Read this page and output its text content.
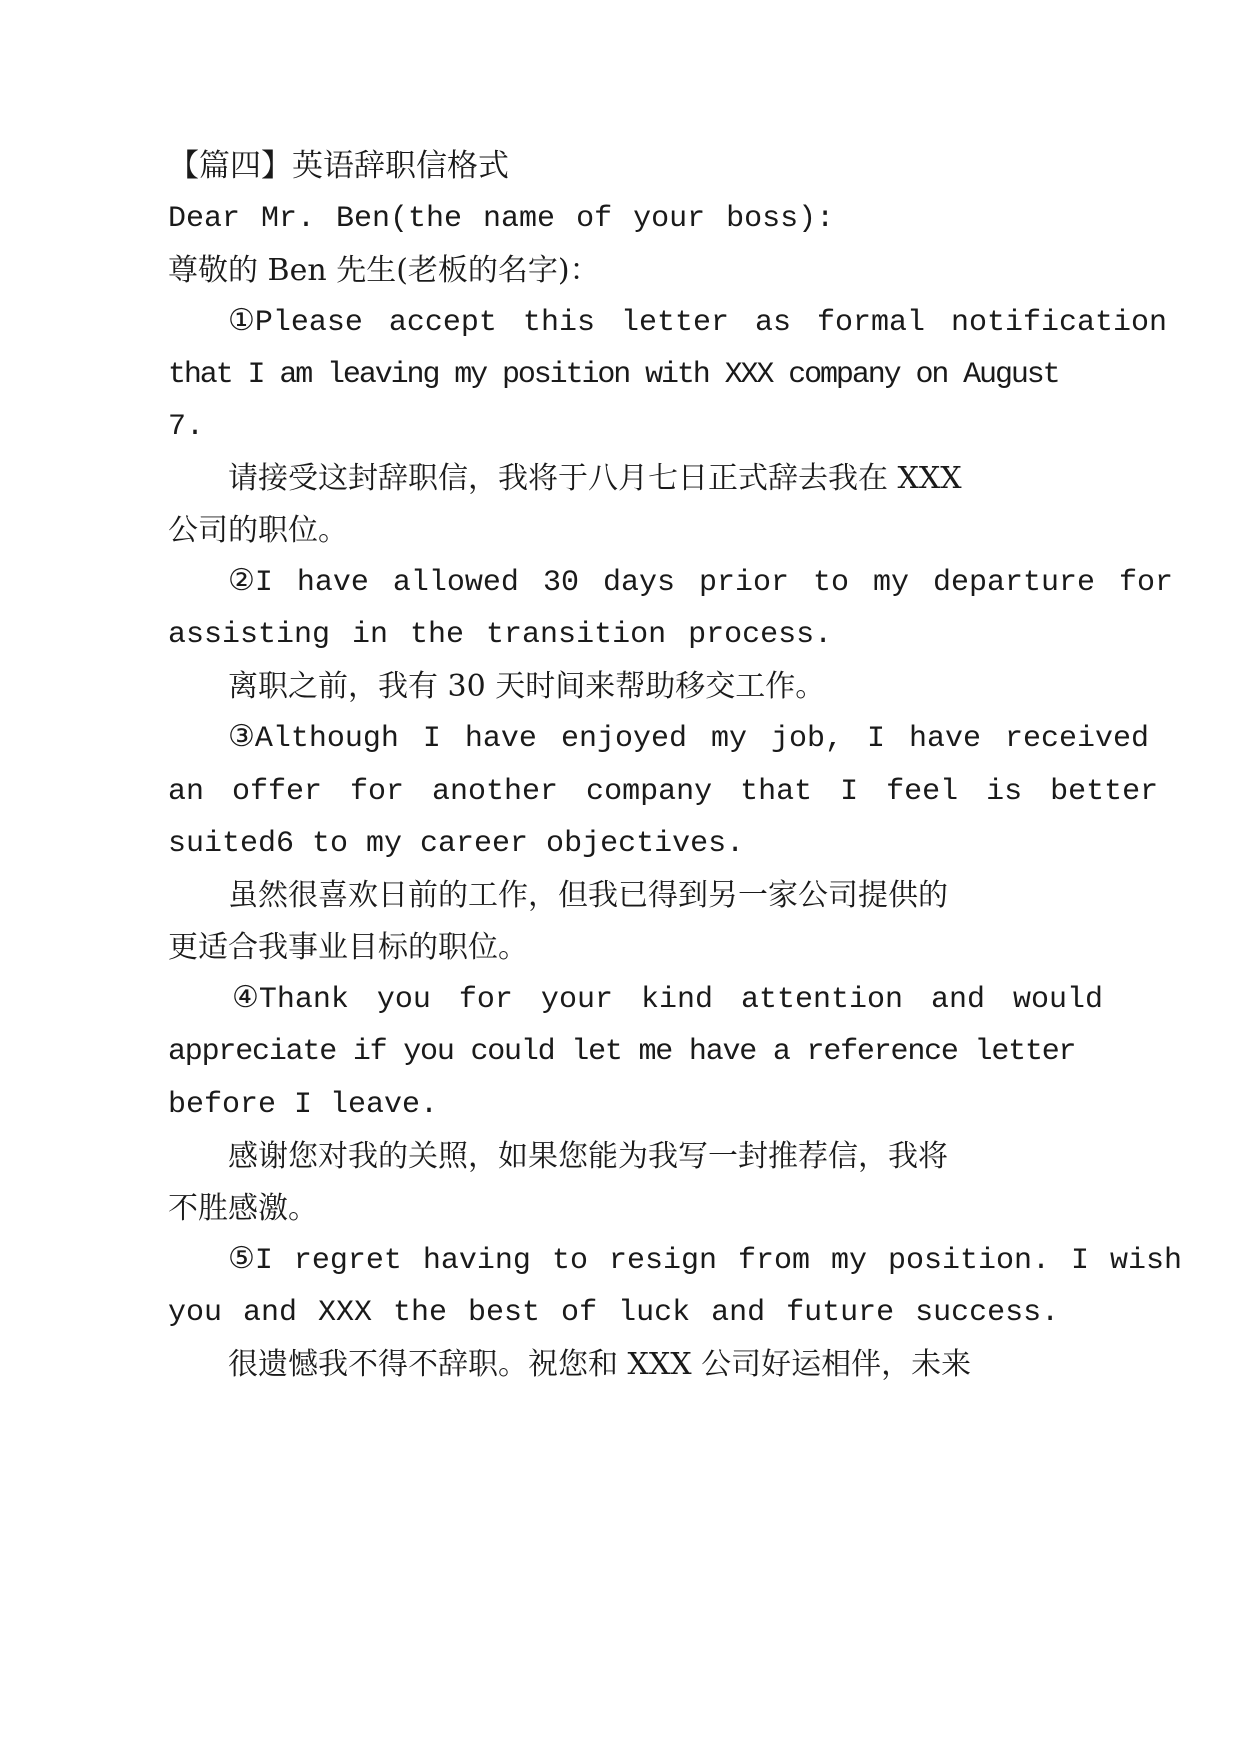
【篇四】英语辞职信格式
Dear Mr. Ben(the name of your boss):
尊敬的 Ben 先生(老板的名字)：
①Please accept this letter as formal notification
that I am leaving my position with XXX company on August
7.
请接受这封辞职信，我将于八月七日正式辞去我在 XXX
公司的职位。
②I have allowed 30 days prior to my departure for
assisting in the transition process.
离职之前，我有 30 天时间来帮助移交工作。
③Although I have enjoyed my job, I have received
an offer for another company that I feel is better
suited6 to my career objectives.
虽然很喜欢日前的工作，但我已得到另一家公司提供的
更适合我事业目标的职位。
④Thank you for your kind attention and would
appreciate if you could let me have a reference letter
before I leave.
感谢您对我的关照，如果您能为我写一封推荐信，我将
不胜感激。
⑤I regret having to resign from my position. I wish
you and XXX the best of luck and future success.
很遗憾我不得不辞职。祝您和 XXX 公司好运相伴，未来
